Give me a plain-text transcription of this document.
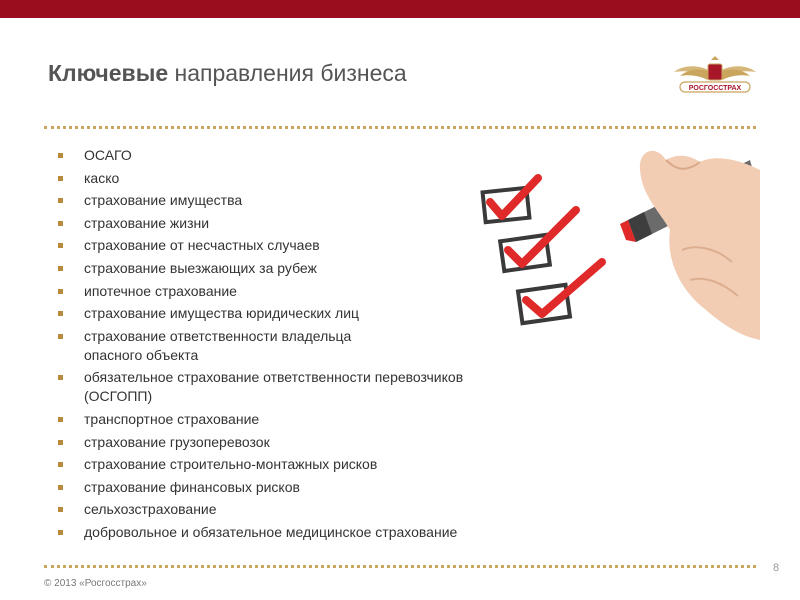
Ключевые направления бизнеса
РОСГОССТРАХ
ОСАГО
каско
страхование имущества
страхование жизни
страхование от несчастных случаев
страхование выезжающих за рубеж
ипотечное страхование
страхование имущества юридических лиц
страхование ответственности владельца
опасного объекта
обязательное страхование ответственности перевозчиков
(ОСГОПП)
транспортное страхование
страхование грузоперевозок
страхование строительно-монтажных рисков
страхование финансовых рисков
сельхозстрахование
добровольное и обязательное медицинское страхование
8
© 2013 «Росгосстрах»
